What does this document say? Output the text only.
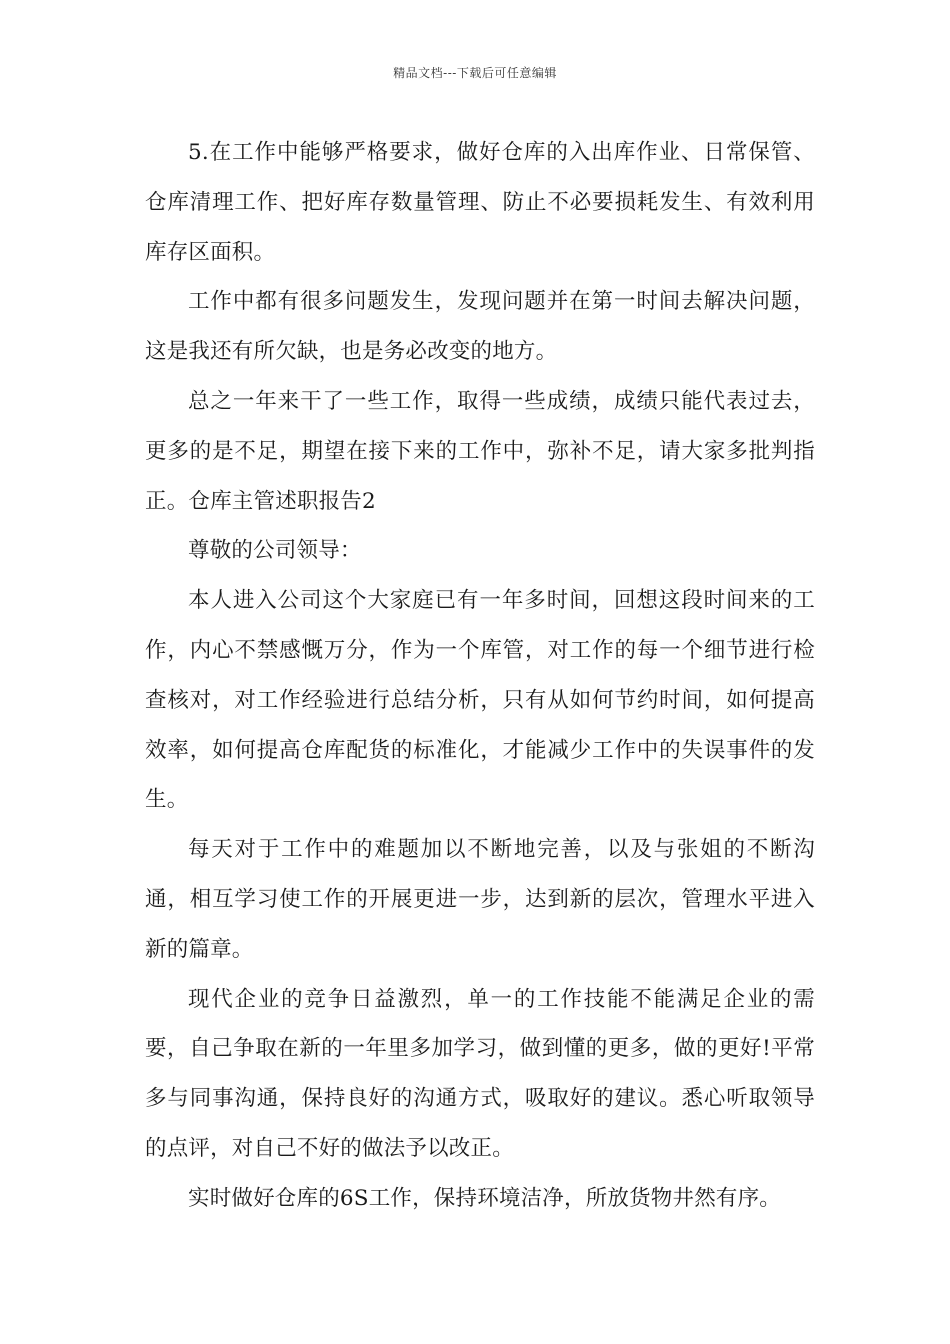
精品文档---下载后可任意编辑

5.在工作中能够严格要求，做好仓库的入出库作业、日常保管、仓库清理工作、把好库存数量管理、防止不必要损耗发生、有效利用库存区面积。

工作中都有很多问题发生，发现问题并在第一时间去解决问题，这是我还有所欠缺，也是务必改变的地方。

总之一年来干了一些工作，取得一些成绩，成绩只能代表过去，更多的是不足，期望在接下来的工作中，弥补不足，请大家多批判指正。仓库主管述职报告2

尊敬的公司领导：

本人进入公司这个大家庭已有一年多时间，回想这段时间来的工作，内心不禁感慨万分，作为一个库管，对工作的每一个细节进行检查核对，对工作经验进行总结分析，只有从如何节约时间，如何提高效率，如何提高仓库配货的标准化，才能减少工作中的失误事件的发生。

每天对于工作中的难题加以不断地完善，以及与张姐的不断沟通，相互学习使工作的开展更进一步，达到新的层次，管理水平进入新的篇章。

现代企业的竞争日益激烈，单一的工作技能不能满足企业的需要，自己争取在新的一年里多加学习，做到懂的更多，做的更好!平常多与同事沟通，保持良好的沟通方式，吸取好的建议。悉心听取领导的点评，对自己不好的做法予以改正。

实时做好仓库的6S工作，保持环境洁净，所放货物井然有序。
